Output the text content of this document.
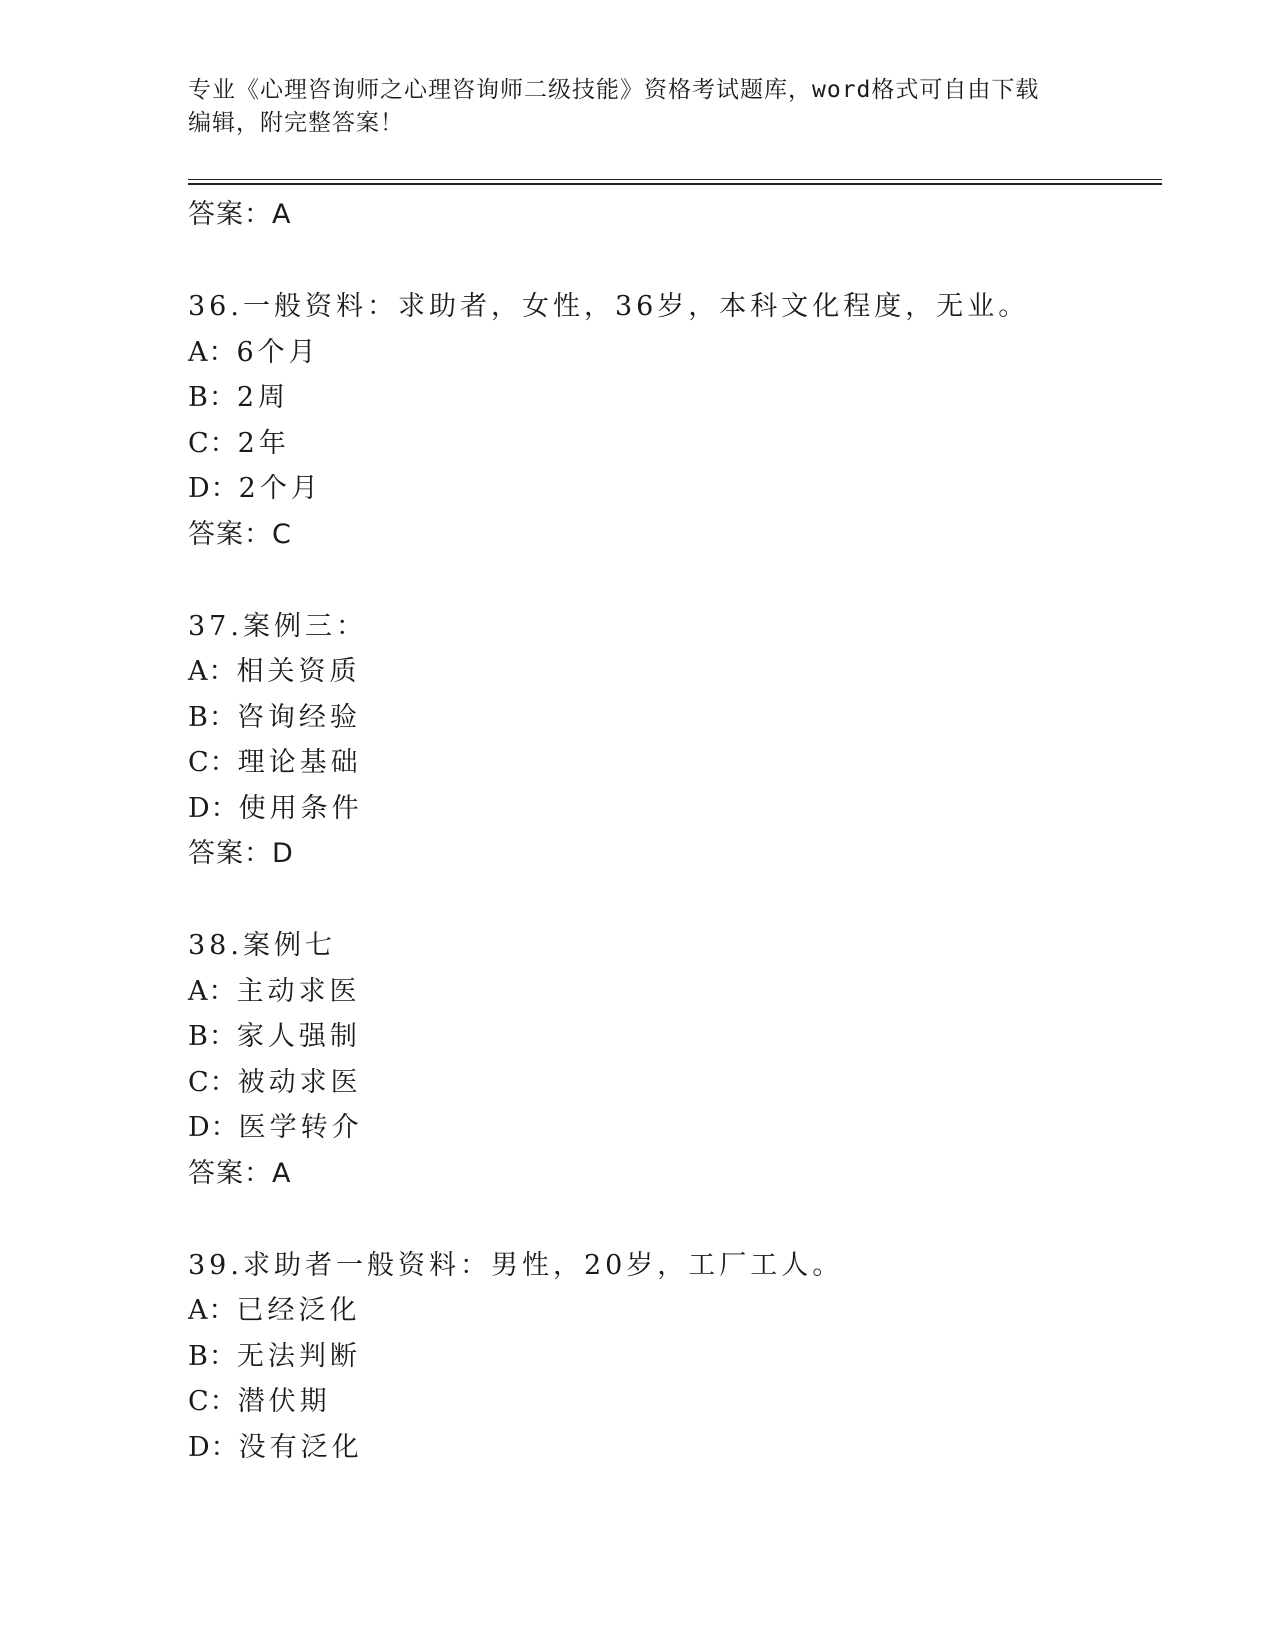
专业《心理咨询师之心理咨询师二级技能》资格考试题库，word格式可自由下载
编辑，附完整答案！
答案：A
36.一般资料：求助者，女性，36岁，本科文化程度，无业。
A：6个月
B：2周
C：2年
D：2个月
答案：C
37.案例三：
A：相关资质
B：咨询经验
C：理论基础
D：使用条件
答案：D
38.案例七
A：主动求医
B：家人强制
C：被动求医
D：医学转介
答案：A
39.求助者一般资料：男性，20岁，工厂工人。
A：已经泛化
B：无法判断
C：潜伏期
D：没有泛化
